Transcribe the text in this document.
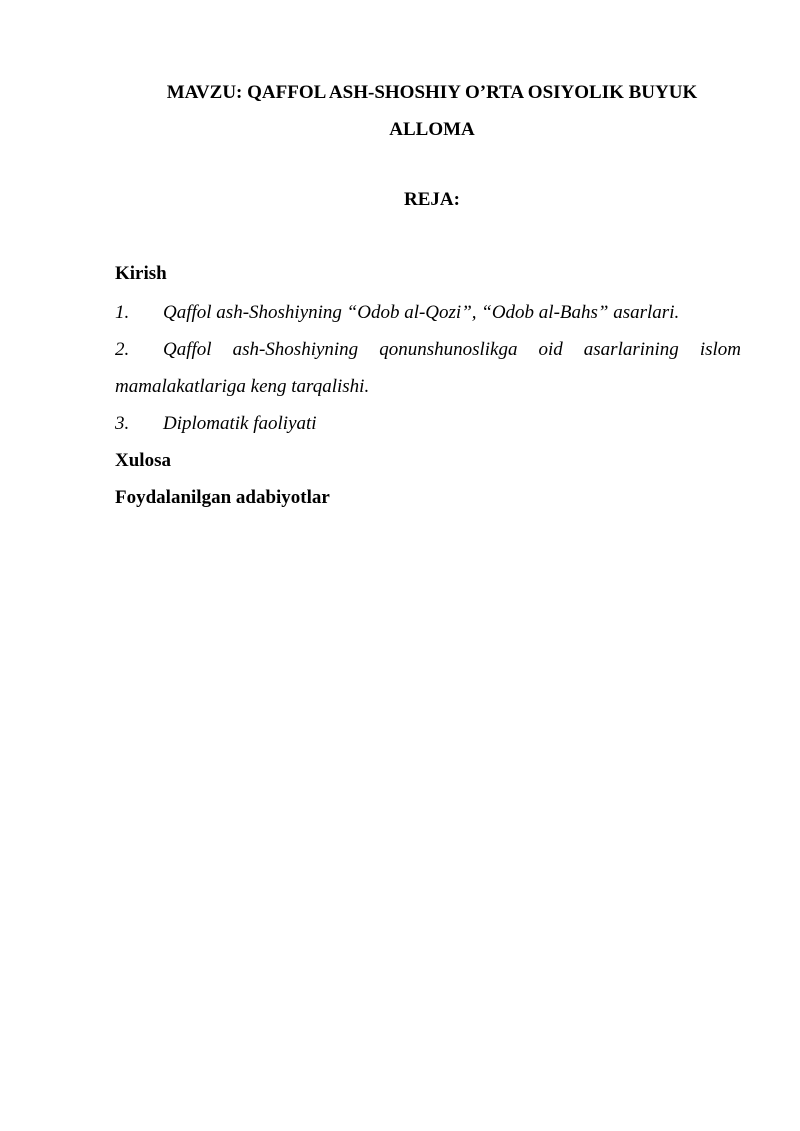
MAVZU: QAFFOL ASH-SHOSHIY O’RTA OSIYOLIK BUYUK ALLOMA

REJA:

Kirish

1. Qaffol ash-Shoshiyning “Odob al-Qozi”, “Odob al-Bahs” asarlari.

2. Qaffol ash-Shoshiyning qonunshunoslikga oid asarlarining islom
mamalakatlariga keng tarqalishi.

3. Diplomatik faoliyati

Xulosa

Foydalanilgan adabiyotlar
